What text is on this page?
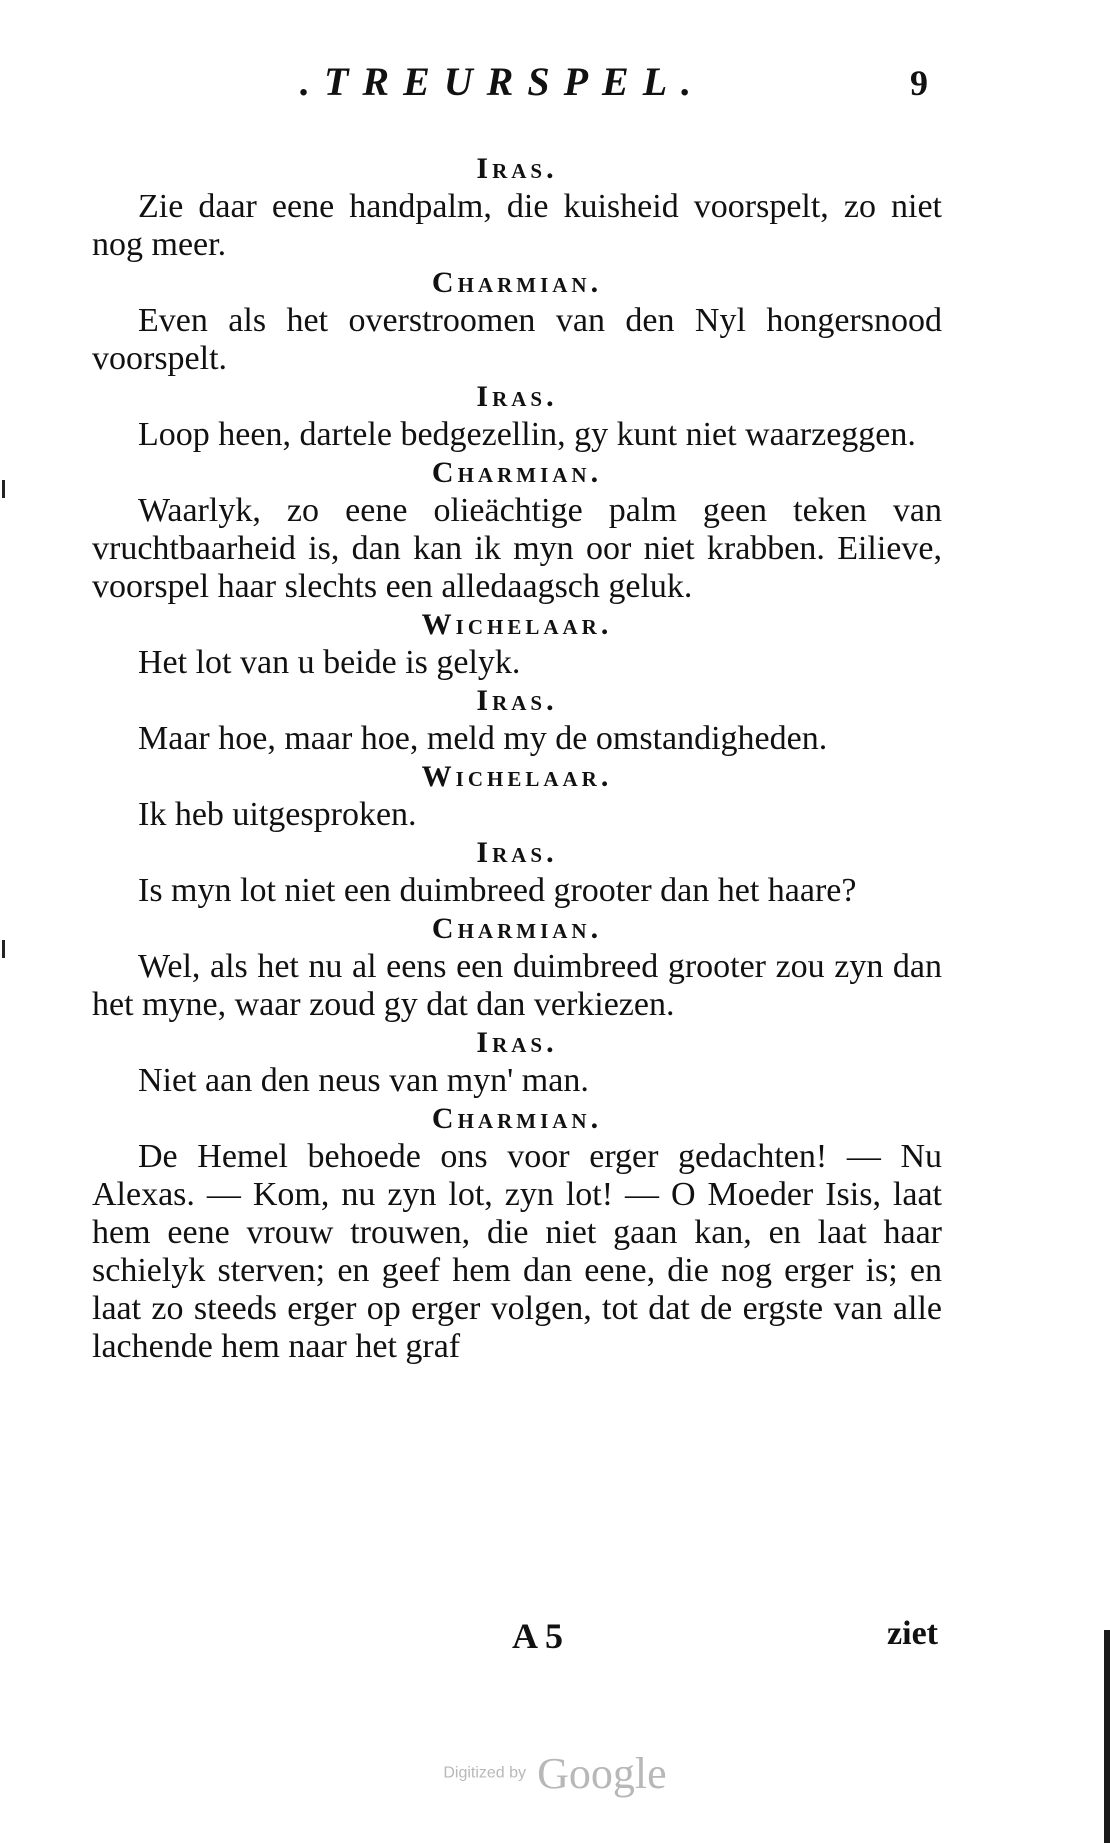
.TREURSPEL.	9
Iras.

Zie daar eene handpalm, die kuisheid voorspelt, zo niet nog meer.

Charmian.

Even als het overstroomen van den Nyl hongersnood voorspelt.

Iras.

Loop heen, dartele bedgezellin, gy kunt niet waarzeggen.

Charmian.

Waarlyk, zo eene olieächtige palm geen teken van vruchtbaarheid is, dan kan ik myn oor niet krabben. Eilieve, voorspel haar slechts een alledaagsch geluk.

Wichelaar.

Het lot van u beide is gelyk.

Iras.

Maar hoe, maar hoe, meld my de omstandigheden.

Wichelaar.

Ik heb uitgesproken.

Iras.

Is myn lot niet een duimbreed grooter dan het haare?

Charmian.

Wel, als het nu al eens een duimbreed grooter zou zyn dan het myne, waar zoud gy dat dan verkiezen.

Iras.

Niet aan den neus van myn' man.

Charmian.

De Hemel behoede ons voor erger gedachten! — Nu Alexas. — Kom, nu zyn lot, zyn lot! — O Moeder Isis, laat hem eene vrouw trouwen, die niet gaan kan, en laat haar schielyk sterven; en geef hem dan eene, die nog erger is; en laat zo steeds erger op erger volgen, tot dat de ergste van alle lachende hem naar het graf

A 5	ziet
Digitized by Google
